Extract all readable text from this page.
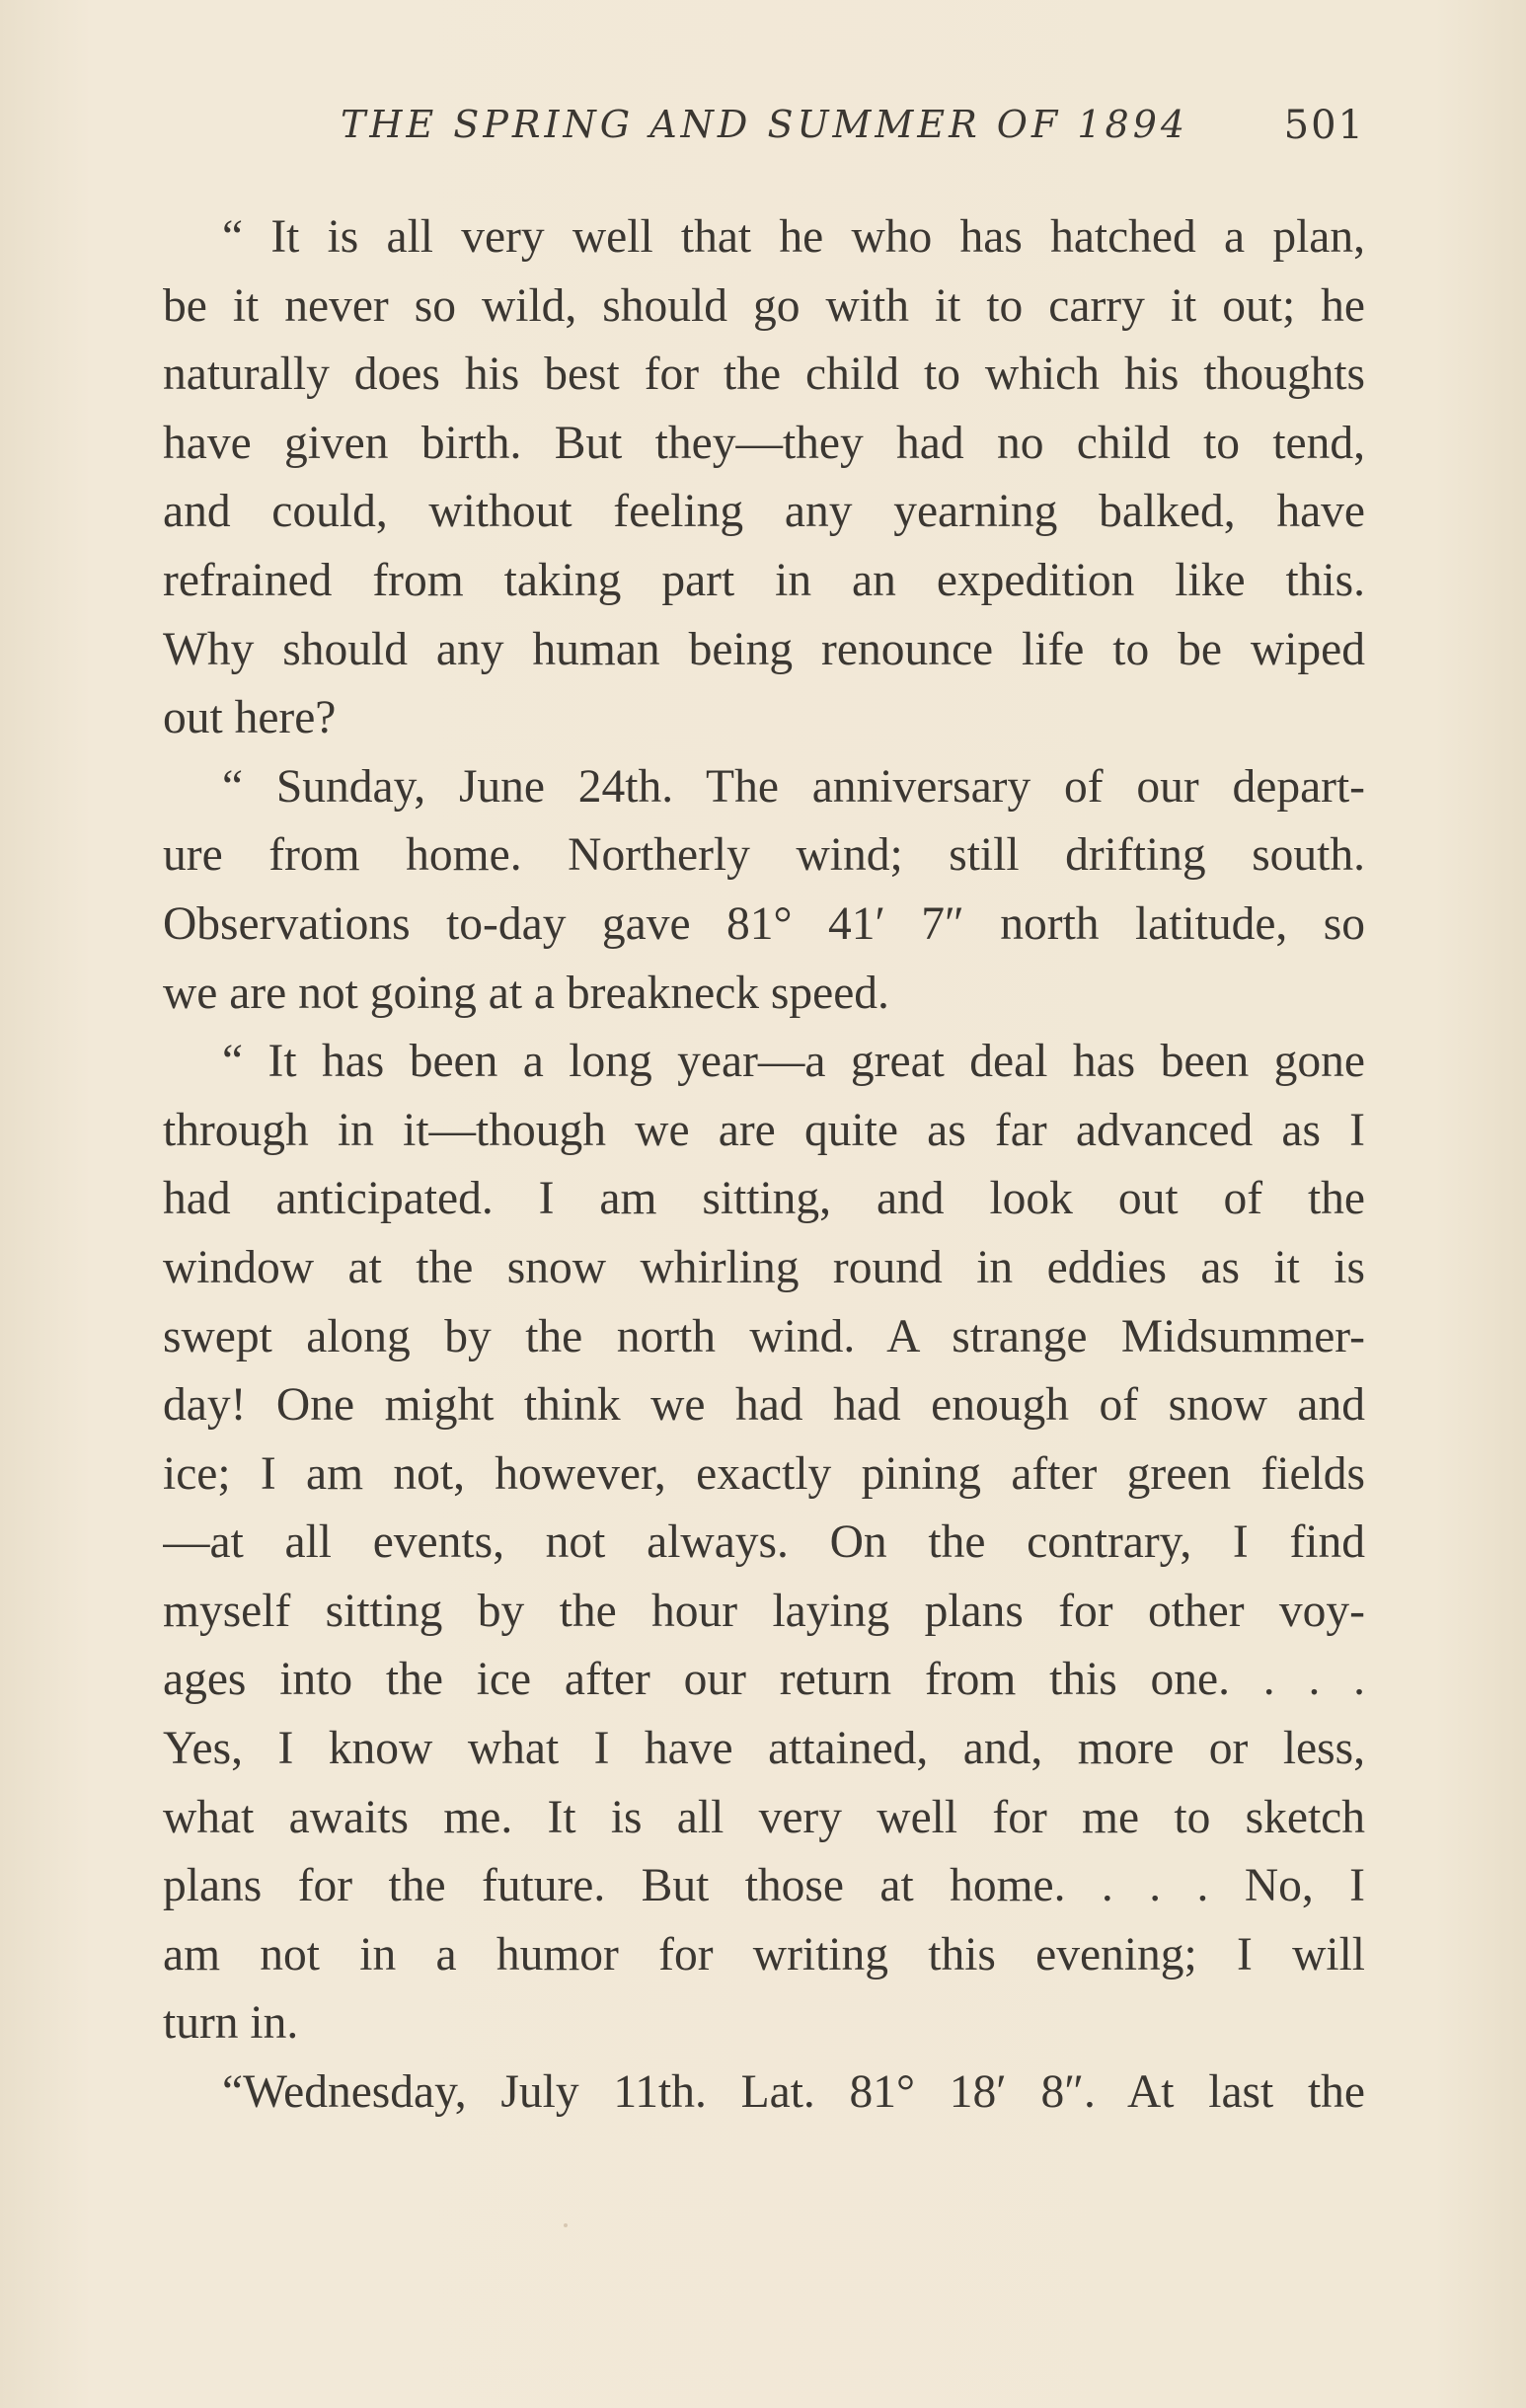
THE SPRING AND SUMMER OF 1894 501
“ It is all very well that he who has hatched a plan,
be it never so wild, should go with it to carry it out; he
naturally does his best for the child to which his thoughts
have given birth. But they—they had no child to tend,
and could, without feeling any yearning balked, have
refrained from taking part in an expedition like this.
Why should any human being renounce life to be wiped
out here?
“ Sunday, June 24th. The anniversary of our depart-
ure from home. Northerly wind; still drifting south.
Observations to-day gave 81° 41′ 7″ north latitude, so
we are not going at a breakneck speed.
“ It has been a long year—a great deal has been gone
through in it—though we are quite as far advanced as I
had anticipated. I am sitting, and look out of the
window at the snow whirling round in eddies as it is
swept along by the north wind. A strange Midsummer-
day! One might think we had had enough of snow and
ice; I am not, however, exactly pining after green fields
—at all events, not always. On the contrary, I find
myself sitting by the hour laying plans for other voy-
ages into the ice after our return from this one. . . .
Yes, I know what I have attained, and, more or less,
what awaits me. It is all very well for me to sketch
plans for the future. But those at home. . . . No, I
am not in a humor for writing this evening; I will
turn in.
“Wednesday, July 11th. Lat. 81° 18′ 8″. At last the
